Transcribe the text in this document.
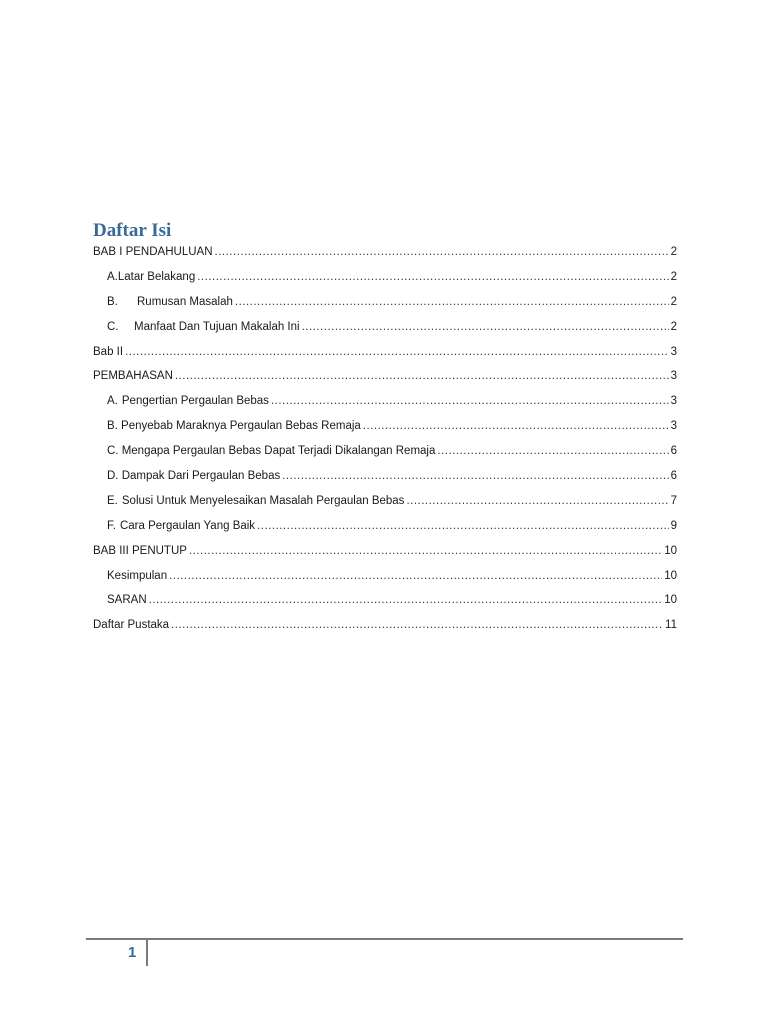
Daftar Isi
BAB I PENDAHULUAN .....	2
A.Latar Belakang .....	2
B. Rumusan Masalah .....	2
C. Manfaat Dan Tujuan Makalah Ini .....	2
Bab II .....	3
PEMBAHASAN .....	3
A. Pengertian Pergaulan Bebas .....	3
B. Penyebab Maraknya Pergaulan Bebas Remaja .....	3
C. Mengapa Pergaulan Bebas Dapat Terjadi Dikalangan Remaja .....	6
D. Dampak Dari Pergaulan Bebas .....	6
E. Solusi Untuk Menyelesaikan Masalah Pergaulan Bebas .....	7
F. Cara Pergaulan Yang Baik .....	9
BAB III PENUTUP .....	10
Kesimpulan .....	10
SARAN .....	10
Daftar Pustaka .....	11
1
